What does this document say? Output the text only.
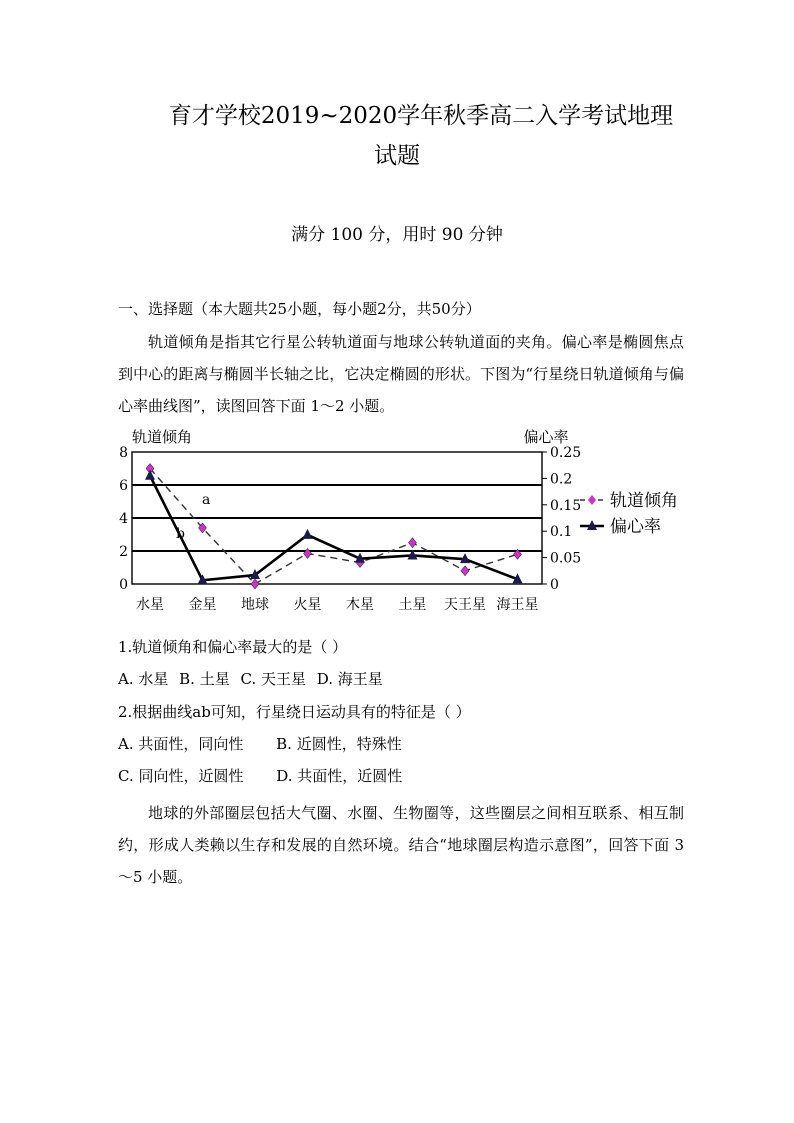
育才学校2019~2020学年秋季高二入学考试地理
试题

满分 100 分，用时 90 分钟

一、选择题（本大题共25小题，每小题2分，共50分）

轨道倾角是指其它行星公转轨道面与地球公转轨道面的夹角。偏心率是椭圆焦点到中心的距离与椭圆半长轴之比，它决定椭圆的形状。下图为“行星绕日轨道倾角与偏心率曲线图”，读图回答下面 1～2 小题。

0
2
4
6
8
0
0.05
0.1
0.15
0.2
0.25
轨道倾角	偏心率
水星 金星 地球 火星 木星 土星 天王星 海王星
a
b
轨道倾角
偏心率

1.轨道倾角和偏心率最大的是（ ）

A. 水星 B. 土星 C. 天王星 D. 海王星

2.根据曲线ab可知，行星绕日运动具有的特征是（ ）

A. 共面性，同向性 B. 近圆性，特殊性

C. 同向性，近圆性 D. 共面性，近圆性

地球的外部圈层包括大气圈、水圈、生物圈等，这些圈层之间相互联系、相互制约，形成人类赖以生存和发展的自然环境。结合“地球圈层构造示意图”，回答下面 3～5 小题。
